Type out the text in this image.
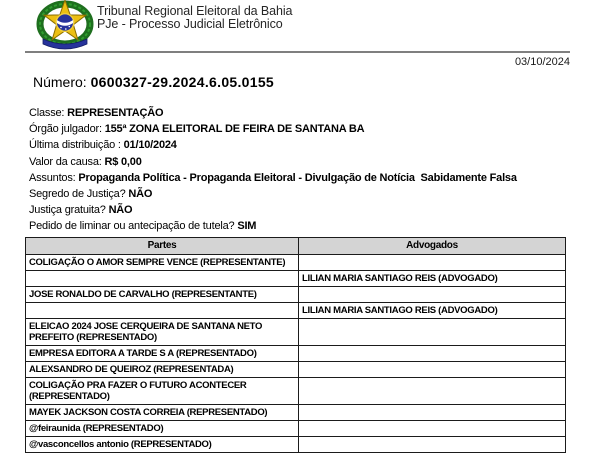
Tribunal Regional Eleitoral da Bahia
PJe - Processo Judicial Eletrônico
03/10/2024
Número: 0600327-29.2024.6.05.0155
Classe: REPRESENTAÇÃO
Órgão julgador: 155ª ZONA ELEITORAL DE FEIRA DE SANTANA BA
Última distribuição : 01/10/2024
Valor da causa: R$ 0,00
Assuntos: Propaganda Política - Propaganda Eleitoral - Divulgação de Notícia  Sabidamente Falsa
Segredo de Justiça? NÃO
Justiça gratuita? NÃO
Pedido de liminar ou antecipação de tutela? SIM
Partes	Advogados
COLIGAÇÃO O AMOR SEMPRE VENCE (REPRESENTANTE)	
	LILIAN MARIA SANTIAGO REIS (ADVOGADO)
JOSE RONALDO DE CARVALHO (REPRESENTANTE)	
	LILIAN MARIA SANTIAGO REIS (ADVOGADO)
ELEICAO 2024 JOSE CERQUEIRA DE SANTANA NETO PREFEITO (REPRESENTADO)	
EMPRESA EDITORA A TARDE S A (REPRESENTADO)	
ALEXSANDRO DE QUEIROZ (REPRESENTADA)	
COLIGAÇÃO PRA FAZER O FUTURO ACONTECER (REPRESENTADO)	
MAYEK JACKSON COSTA CORREIA (REPRESENTADO)	
@feiraunida (REPRESENTADO)	
@vasconcellos antonio (REPRESENTADO)	
